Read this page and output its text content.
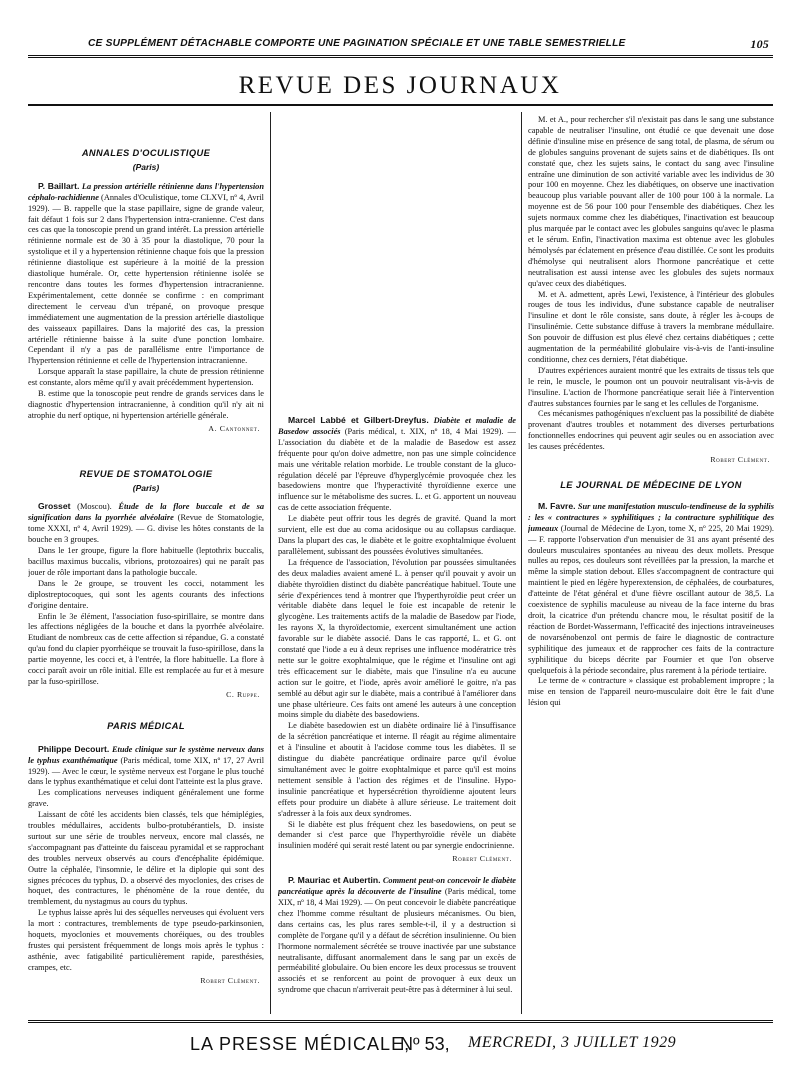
CE SUPPLÉMENT DÉTACHABLE COMPORTE UNE PAGINATION SPÉCIALE ET UNE TABLE SEMESTRIELLE	105
REVUE DES JOURNAUX
ANNALES D'OCULISTIQUE
(Paris)

P. Baillart. La pression artérielle rétinienne dans l'hypertension céphalo-rachidienne (Annales d'Oculistique, tome CLXVI, nº 4, Avril 1929). — B. rappelle que la stase papillaire, signe de grande valeur, fait défaut 1 fois sur 2 dans l'hypertension intra-cranienne. C'est dans ces cas que la tonoscopie prend un grand intérêt. La pression artérielle rétinienne normale est de 30 à 35 pour la diastolique, 70 pour la systolique et il y a hypertension rétinienne chaque fois que la pression rétinienne diastolique est supérieure à la moitié de la pression diastolique humérale. Or, cette hypertension rétinienne isolée se rencontre dans toutes les formes d'hypertension intracranienne. Expérimentalement, cette donnée se confirme : en comprimant directement le cerveau d'un trépané, on provoque presque immédiatement une augmentation de la pression artérielle diastolique des vaisseaux papillaires. Dans la majorité des cas, la pression artérielle rétinienne baisse à la suite d'une ponction lombaire. Cependant il n'y a pas de parallélisme entre l'importance de l'hypertension rétinienne et celle de l'hypertension intracranienne.

Lorsque apparaît la stase papillaire, la chute de pression rétinienne est constante, alors même qu'il y avait précédemment hypertension.

B. estime que la tonoscopie peut rendre de grands services dans le diagnostic d'hypertension intracranienne, à condition qu'il n'y ait ni atrophie du nerf optique, ni hypertension artérielle générale.

A. Cantonnet.
REVUE DE STOMATOLOGIE
(Paris)

Grosset (Moscou). Étude de la flore buccale et de sa signification dans la pyorrhée alvéolaire (Revue de Stomatologie, tome XXXI, nº 4, Avril 1929). — G. divise les hôtes constants de la bouche en 3 groupes.

Dans le 1er groupe, figure la flore habituelle (leptothrix buccalis, bacillus maximus buccalis, vibrions, protozoaires) qui ne paraît pas jouer de rôle important dans la pathologie buccale.

Dans le 2e groupe, se trouvent les cocci, notamment les diplostreptocoques, qui sont les agents courants des infections d'origine dentaire.

Enfin le 3e élément, l'association fuso-spirillaire, se montre dans les affections négligées de la bouche et dans la pyorrhée alvéolaire. Etudiant de nombreux cas de cette affection si répandue, G. a constaté qu'au fond du clapier pyorrhéique se trouvait la fuso-spirillose, dans la partie moyenne, les cocci et, à l'entrée, la flore habituelle. La flore à cocci paraît avoir un rôle initial. Elle est remplacée au fur et à mesure par la fuso-spirillose.

C. Ruppe.
PARIS MÉDICAL

Philippe Decourt. Etude clinique sur le système nerveux dans le typhus exanthématique (Paris médical, tome XIX, nº 17, 27 Avril 1929). — Avec le cœur, le système nerveux est l'organe le plus touché dans le typhus exanthématique et celui dont l'atteinte est la plus grave.

Les complications nerveuses indiquent généralement une forme grave.

Laissant de côté les accidents bien classés, tels que hémiplégies, troubles médullaires, accidents bulbo-protubérantiels, D. insiste surtout sur une série de troubles nerveux, encore mal classés, ne s'accompagnant pas d'atteinte du faisceau pyramidal et se rapprochant des troubles nerveux observés au cours d'encéphalite épidémique. Outre la céphalée, l'insomnie, le délire et la diplopie qui sont des signes précoces du typhus, D. a observé des myoclonies, des crises de hoquet, des contractures, le phénomène de la roue dentée, du tremblement, du nystagmus au cours du typhus.

Le typhus laisse après lui des séquelles nerveuses qui évoluent vers la mort : contractures, tremblements de type pseudo-parkinsonien, hoquets, myoclonies et mouvements choréiques, ou des troubles frustes qui persistent fréquemment de longs mois après le typhus : asthénie, avec fatigabilité particulièrement rapide, paresthésies, crampes, etc.

Robert Clément.

Marcel Labbé et Gilbert-Dreyfus. Diabète et maladie de Basedow associés (Paris médical, t. XIX, nº 18, 4 Mai 1929). — L'association du diabète et de la maladie de Basedow est assez fréquente pour qu'on doive admettre, non pas une simple coïncidence mais une véritable relation morbide. Le trouble constant de la gluco-régulation décelé par l'épreuve d'hyperglycémie provoquée chez les basedowiens montre que l'hyperactivité thyroïdienne exerce une influence sur le métabolisme des sucres. L. et G. apportent un nouveau cas de cette association fréquente.

Le diabète peut offrir tous les degrés de gravité. Quand la mort survient, elle est due au coma acidosique ou au collapsus cardiaque. Dans la plupart des cas, le diabète et le goitre exophtalmique évoluent parallèlement, subissant des poussées évolutives simultanées.

La fréquence de l'association, l'évolution par poussées simultanées des deux maladies avaient amené L. à penser qu'il pouvait y avoir un diabète thyroïdien distinct du diabète pancréatique habituel. Toute une série d'expériences tend à montrer que l'hyperthyroïdie peut créer un véritable diabète dans lequel le foie est incapable de retenir le glycogène. Les traitements actifs de la maladie de Basedow par l'iode, les rayons X, la thyroïdectomie, exercent simultanément une action favorable sur le diabète associé. Dans le cas rapporté, L. et G. ont constaté que l'iode a eu à deux reprises une influence modératrice très nette sur le goitre exophtalmique, que le régime et l'insuline ont agi très efficacement sur le diabète, mais que l'insuline n'a eu aucune action sur le goitre, et l'iode, après avoir amélioré le goitre, n'a pas semblé au début agir sur le diabète, mais a contribué à l'améliorer dans une phase ultérieure. Ces faits ont amené les auteurs à une conception moins simple du diabète des basedowiens.

Le diabète basedowien est un diabète ordinaire lié à l'insuffisance de la sécrétion pancréatique et interne. Il réagit au régime alimentaire et à l'insuline et aboutit à l'acidose comme tous les diabètes. Il se distingue du diabète pancréatique ordinaire parce qu'il évolue simultanément avec le goitre exophtalmique et parce qu'il est moins nettement sensible à l'action des régimes et de l'insuline. Hypo-insulinie pancréatique et hypersécrétion thyroïdienne ajoutent leurs effets pour produire un diabète à allure sérieuse. Le traitement doit s'adresser à la fois aux deux syndromes.

Si le diabète est plus fréquent chez les basedowiens, on peut se demander si c'est parce que l'hyperthyroïdie révèle un diabète insulinien modéré qui serait resté latent ou par synergie endocrinienne.

Robert Clément.

P. Mauriac et Aubertin. Comment peut-on concevoir le diabète pancréatique après la découverte de l'insuline (Paris médical, tome XIX, nº 18, 4 Mai 1929). — On peut concevoir le diabète pancréatique chez l'homme comme résultant de plusieurs mécanismes. Ou bien, dans certains cas, les plus rares semble-t-il, il y a destruction si complète de l'organe qu'il y a défaut de sécrétion insulinienne. Ou bien l'hormone normalement sécrétée se trouve inactivée par une substance neutralisante, diffusant anormalement dans le sang par un excès de perméabilité globulaire. Ou bien encore les deux processus se trouvent associés et se renforcent au point de provoquer à eux deux un syndrome que chacun n'arriverait peut-être pas à déterminer à lui seul.

M. et A., pour rechercher s'il n'existait pas dans le sang une substance capable de neutraliser l'insuline, ont étudié ce que devenait une dose définie d'insuline mise en présence de sang total, de plasma, de sérum ou de globules sanguins provenant de sujets sains et de diabétiques. Ils ont constaté que, chez les sujets sains, le contact du sang avec l'insuline entraîne une diminution de son activité variable avec les individus de 30 pour 100 en moyenne. Chez les diabétiques, on observe une inactivation beaucoup plus variable pouvant aller de 100 pour 100 à la normale. La moyenne est de 56 pour 100 pour l'ensemble des diabétiques. Chez les sujets normaux comme chez les diabétiques, l'inactivation est beaucoup plus marquée par le contact avec les globules sanguins qu'avec le plasma et le sérum. Enfin, l'inactivation maxima est obtenue avec les globules hémolysés par éclatement en présence d'eau distillée. Ce sont les produits d'hémolyse qui neutralisent alors l'hormone pancréatique et cette neutralisation est aussi intense avec les globules des sujets normaux qu'avec ceux des diabétiques.

M. et A. admettent, après Lewi, l'existence, à l'intérieur des globules rouges de tous les individus, d'une substance capable de neutraliser l'insuline et dont le rôle consiste, sans doute, à régler les à-coups de l'insulinémie. Cette substance diffuse à travers la membrane médullaire. Son pouvoir de diffusion est plus élevé chez certains diabétiques ; cette augmentation de la perméabilité globulaire vis-à-vis de l'anti-insuline conditionne, chez ces derniers, l'état diabétique.

D'autres expériences auraient montré que les extraits de tissus tels que le rein, le muscle, le poumon ont un pouvoir neutralisant vis-à-vis de l'insuline. L'action de l'hormone pancréatique serait liée à l'intervention d'autres substances fournies par le sang et les cellules de l'organisme.

Ces mécanismes pathogéniques n'excluent pas la possibilité de diabète provenant d'autres troubles et notamment des diverses perturbations fonctionnelles endocrines qui peuvent agir seules ou en association avec les causes précédentes.

Robert Clément.
LE JOURNAL DE MÉDECINE DE LYON

M. Favre. Sur une manifestation musculo-tendineuse de la syphilis : les « contractures » syphilitiques ; la contracture syphilitique des jumeaux (Journal de Médecine de Lyon, tome X, nº 225, 20 Mai 1929). — F. rapporte l'observation d'un menuisier de 31 ans ayant présenté des douleurs musculaires spontanées au niveau des deux mollets. Presque nulles au repos, ces douleurs sont réveillées par la pression, la marche et même la simple station debout. Elles s'accompagnent de contracture qui maintient le pied en légère hyperextension, de céphalées, de courbatures, d'atteinte de l'état général et d'une fièvre oscillant autour de 38,5. La coexistence de syphilis maculeuse au niveau de la face interne du bras droit, la cicatrice d'un prétendu chancre mou, le résultat positif de la réaction de Bordet-Wassermann, l'efficacité des injections intraveineuses de novarsénobenzol ont permis de faire le diagnostic de contracture syphilitique des jumeaux et de rapprocher ces faits de la contracture syphilitique du biceps décrite par Fournier et que l'on observe quelquefois à la période secondaire, plus rarement à la période tertiaire.

Le terme de « contracture » classique est probablement impropre ; la mise en tension de l'appareil neuro-musculaire doit être le fait d'une lésion qui

LA PRESSE MÉDICALE,
Nº 53, MERCREDI, 3 JUILLET 1929
